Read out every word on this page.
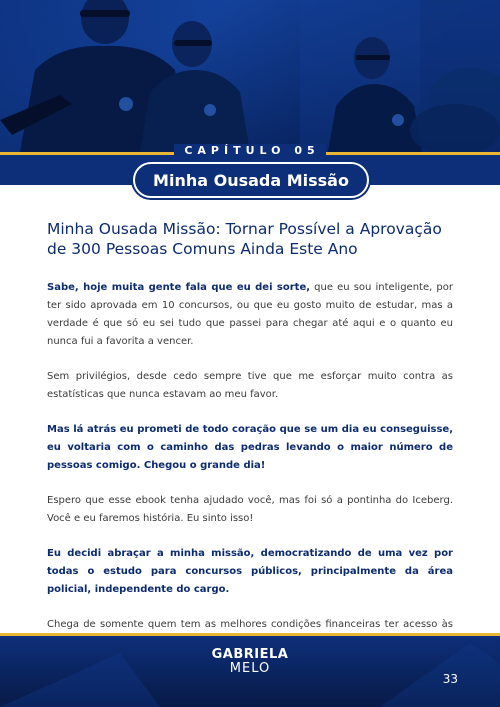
CAPÍTULO 05
Minha Ousada Missão
Minha Ousada Missão: Tornar Possível a Aprovação de 300 Pessoas Comuns Ainda Este Ano

Sabe, hoje muita gente fala que eu dei sorte, que eu sou inteligente, por ter sido aprovada em 10 concursos, ou que eu gosto muito de estudar, mas a verdade é que só eu sei tudo que passei para chegar até aqui e o quanto eu nunca fui a favorita a vencer.

Sem privilégios, desde cedo sempre tive que me esforçar muito contra as estatísticas que nunca estavam ao meu favor.

Mas lá atrás eu prometi de todo coração que se um dia eu conseguisse, eu voltaria com o caminho das pedras levando o maior número de pessoas comigo. Chegou o grande dia!

Espero que esse ebook tenha ajudado você, mas foi só a pontinha do Iceberg. Você e eu faremos história. Eu sinto isso!

Eu decidi abraçar a minha missão, democratizando de uma vez por todas o estudo para concursos públicos, principalmente da área policial, independente do cargo.

Chega de somente quem tem as melhores condições financeiras ter acesso às

GABRIELA
MELO
33
